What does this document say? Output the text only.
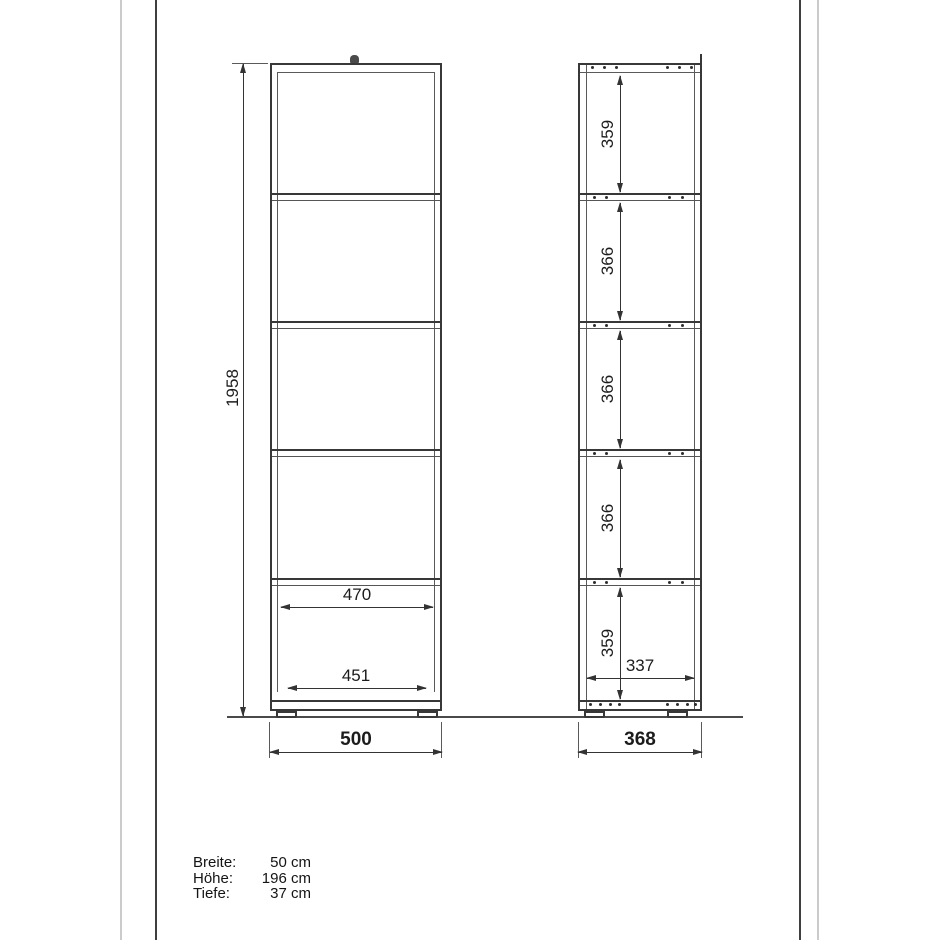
1958
470
451
500
359
366
366
366
359
337
368
Breite:	50 cm
Höhe:	196 cm
Tiefe:	37 cm
